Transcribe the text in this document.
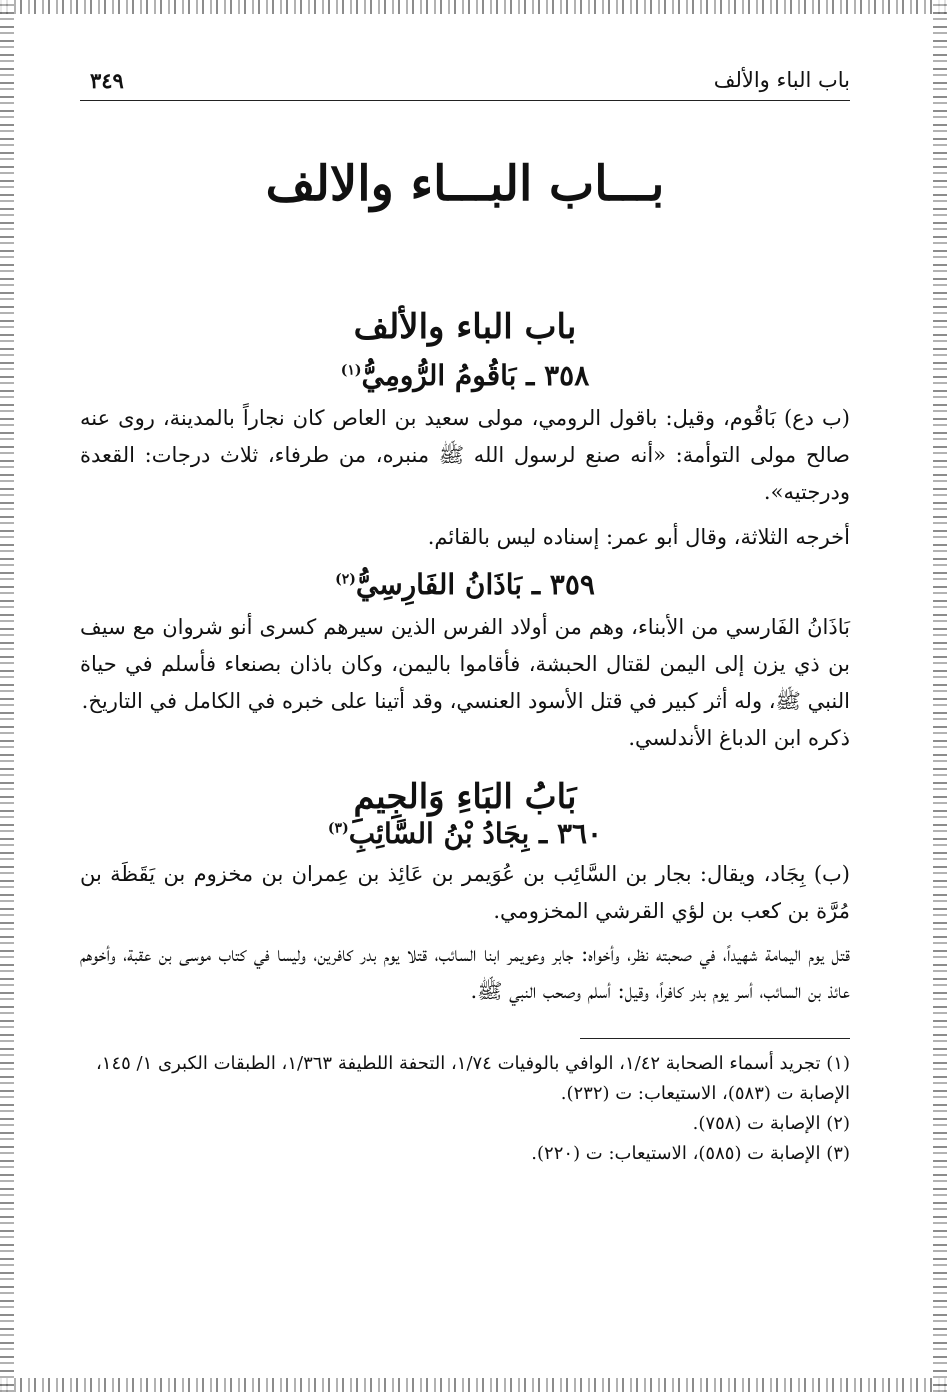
باب الباء والألف
٣٤٩
بـــاب البـــاء والالف
باب الباء والألف
٣٥٨ ـ بَاقُومُ الرُّومِيُّ$^{(١)}$

(ب دع) بَاقُوم، وقيل: باقول الرومي، مولى سعيد بن العاص كان نجاراً بالمدينة، روى عنه صالح مولى التوأمة: «أنه صنع لرسول الله ﷺ منبره، من طرفاء، ثلاث درجات: القعدة ودرجتيه».

أخرجه الثلاثة، وقال أبو عمر: إسناده ليس بالقائم.

٣٥٩ ـ بَاذَانُ الفَارِسِيُّ$^{(٢)}$

بَاذَانُ الفَارسي من الأبناء، وهم من أولاد الفرس الذين سيرهم كسرى أنو شروان مع سيف بن ذي يزن إلى اليمن لقتال الحبشة، فأقاموا باليمن، وكان باذان بصنعاء فأسلم في حياة النبي ﷺ، وله أثر كبير في قتل الأسود العنسي، وقد أتينا على خبره في الكامل في التاريخ.

ذكره ابن الدباغ الأندلسي.

بَابُ البَاءِ وَالجِيمِ
٣٦٠ ـ بِجَادُ بْنُ السَّائِبِ$^{(٣)}$

(ب) بِجَاد، ويقال: بجار بن السَّائِب بن عُوَيمر بن عَائِذ بن عِمران بن مخزوم بن يَقَظَة بن مُرَّة بن كعب بن لؤي القرشي المخزومي.

قتل يوم اليمامة شهيداً، في صحبته نظر، وأخواه: جابر وعويمر ابنا السائب، قتلا يوم بدر كافرين، وليسا في كتاب موسى بن عقبة، وأخوهم عائذ بن السائب، أسر يوم بدر كافراً، وقيل: أسلم وصحب النبي ﷺ.

(١) تجريد أسماء الصحابة ١/٤٢، الوافي بالوفيات ١/٧٤، التحفة اللطيفة ١/٣٦٣، الطبقات الكبرى ١/ ١٤٥، الإصابة ت (٥٨٣)، الاستيعاب: ت (٢٣٢).

(٢) الإصابة ت (٧٥٨).

(٣) الإصابة ت (٥٨٥)، الاستيعاب: ت (٢٢٠).
